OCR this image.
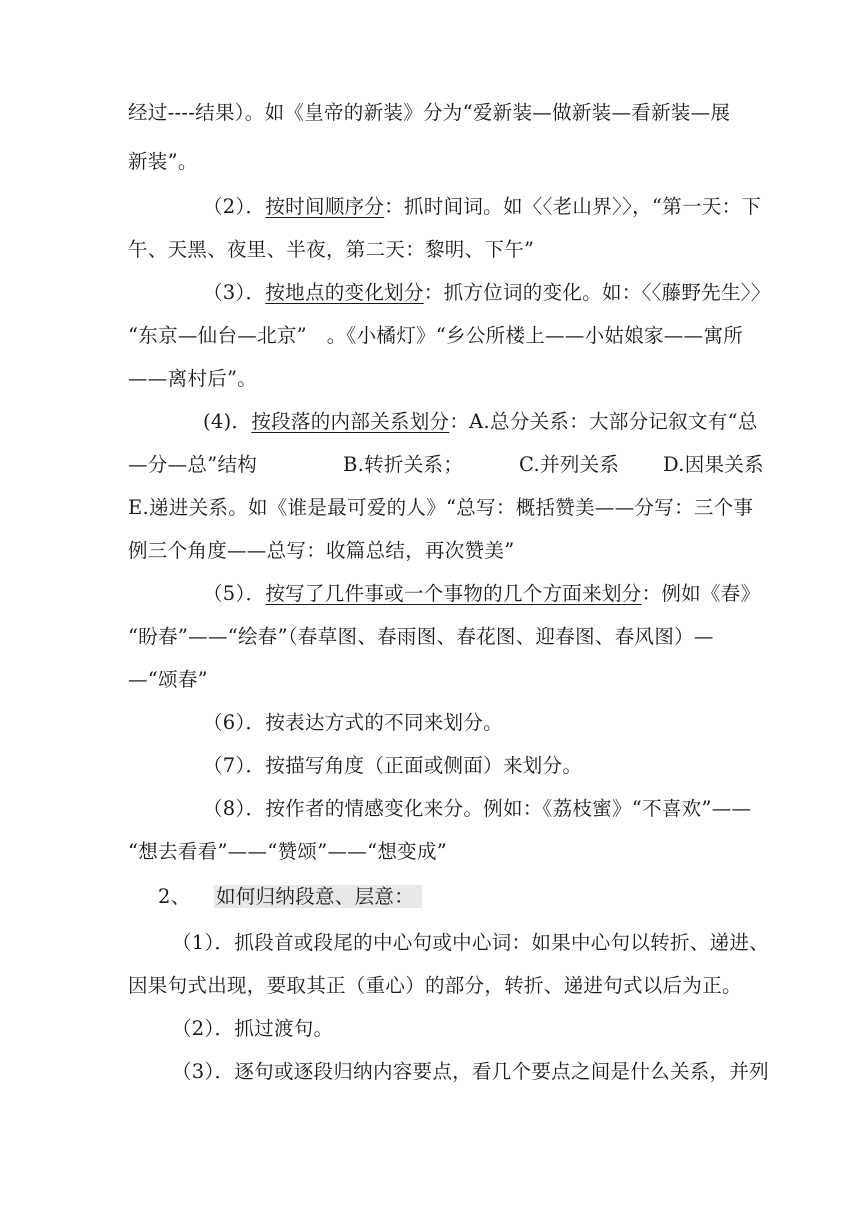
经过----结果）。如《皇帝的新装》分为“爱新装—做新装—看新装—展
新装”。
（2）．按时间顺序分：抓时间词。如〈〈老山界〉〉，“第一天：下
午、天黑、夜里、半夜，第二天：黎明、下午”
（3）．按地点的变化划分：抓方位词的变化。如：〈〈藤野先生〉〉
“东京—仙台—北京”　。《小橘灯》“乡公所楼上——小姑娘家——寓所
——离村后”。
(4)．按段落的内部关系划分：A.总分关系：大部分记叙文有“总
—分—总”结构	B.转折关系；	C.并列关系 D.因果关系
E.递进关系。如《谁是最可爱的人》“总写：概括赞美——分写：三个事
例三个角度——总写：收篇总结，再次赞美”
（5）．按写了几件事或一个事物的几个方面来划分：例如《春》
“盼春”——“绘春”（春草图、春雨图、春花图、迎春图、春风图）—
—“颂春”
（6）．按表达方式的不同来划分。
（7）．按描写角度（正面或侧面）来划分。
（8）．按作者的情感变化来分。例如：《荔枝蜜》“不喜欢”——
“想去看看”——“赞颂”——“想变成”
2、 如何归纳段意、层意：
（1）．抓段首或段尾的中心句或中心词：如果中心句以转折、递进、
因果句式出现，要取其正（重心）的部分，转折、递进句式以后为正。
（2）．抓过渡句。
（3）．逐句或逐段归纳内容要点，看几个要点之间是什么关系，并列
